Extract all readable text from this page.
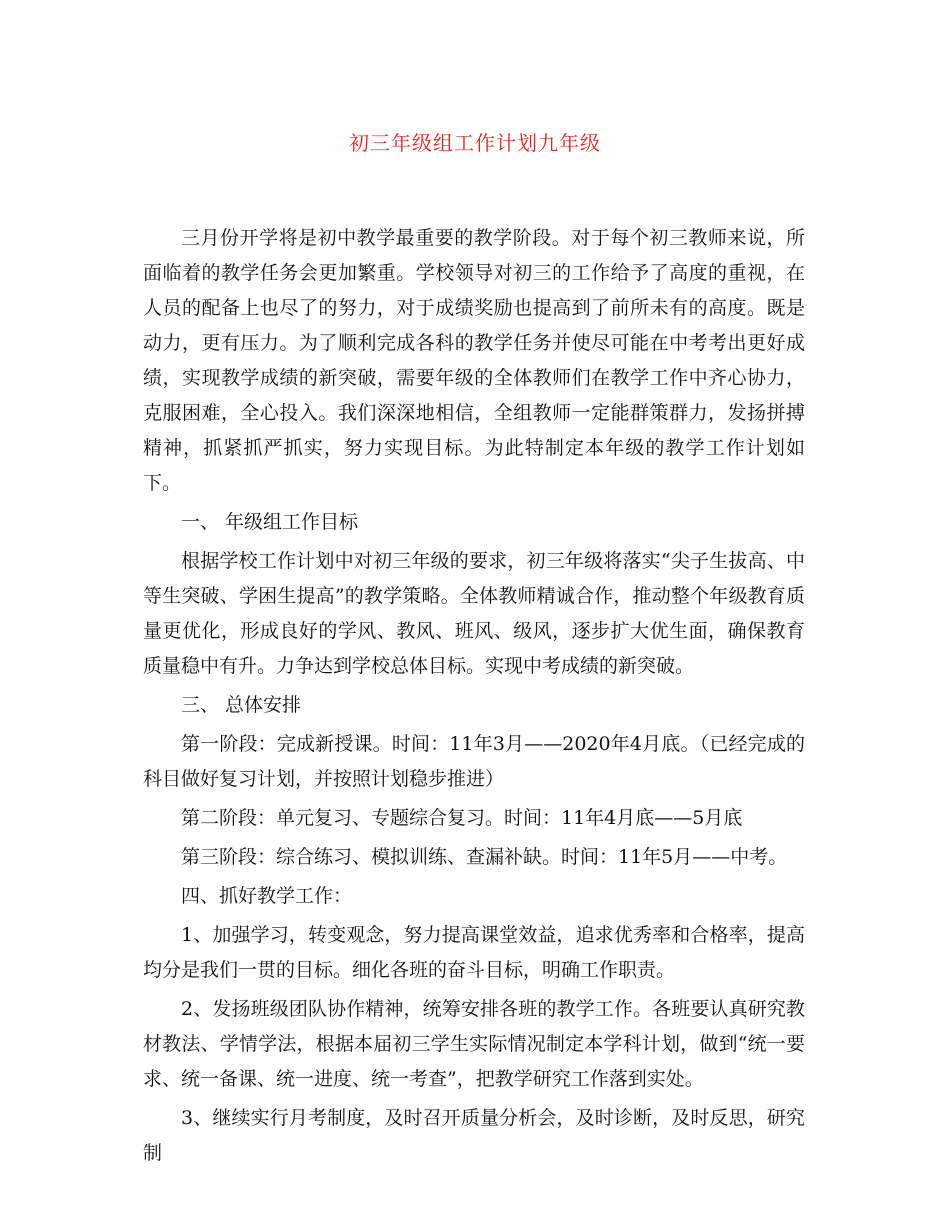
初三年级组工作计划九年级

三月份开学将是初中教学最重要的教学阶段。对于每个初三教师来说，所面临着的教学任务会更加繁重。学校领导对初三的工作给予了高度的重视，在人员的配备上也尽了的努力，对于成绩奖励也提高到了前所未有的高度。既是动力，更有压力。为了顺利完成各科的教学任务并使尽可能在中考考出更好成绩，实现教学成绩的新突破，需要年级的全体教师们在教学工作中齐心协力，克服困难，全心投入。我们深深地相信，全组教师一定能群策群力，发扬拼搏精神，抓紧抓严抓实，努力实现目标。为此特制定本年级的教学工作计划如下。

一、 年级组工作目标

根据学校工作计划中对初三年级的要求，初三年级将落实“尖子生拔高、中等生突破、学困生提高”的教学策略。全体教师精诚合作，推动整个年级教育质量更优化，形成良好的学风、教风、班风、级风，逐步扩大优生面，确保教育质量稳中有升。力争达到学校总体目标。实现中考成绩的新突破。

三、 总体安排

第一阶段：完成新授课。时间：11年3月——2020年4月底。（已经完成的科目做好复习计划，并按照计划稳步推进）

第二阶段：单元复习、专题综合复习。时间：11年4月底——5月底

第三阶段：综合练习、模拟训练、查漏补缺。时间：11年5月——中考。

四、抓好教学工作：

1、加强学习，转变观念，努力提高课堂效益，追求优秀率和合格率，提高均分是我们一贯的目标。细化各班的奋斗目标，明确工作职责。

2、发扬班级团队协作精神，统筹安排各班的教学工作。各班要认真研究教材教法、学情学法，根据本届初三学生实际情况制定本学科计划，做到“统一要求、统一备课、统一进度、统一考查”，把教学研究工作落到实处。

3、继续实行月考制度，及时召开质量分析会，及时诊断，及时反思，研究制
